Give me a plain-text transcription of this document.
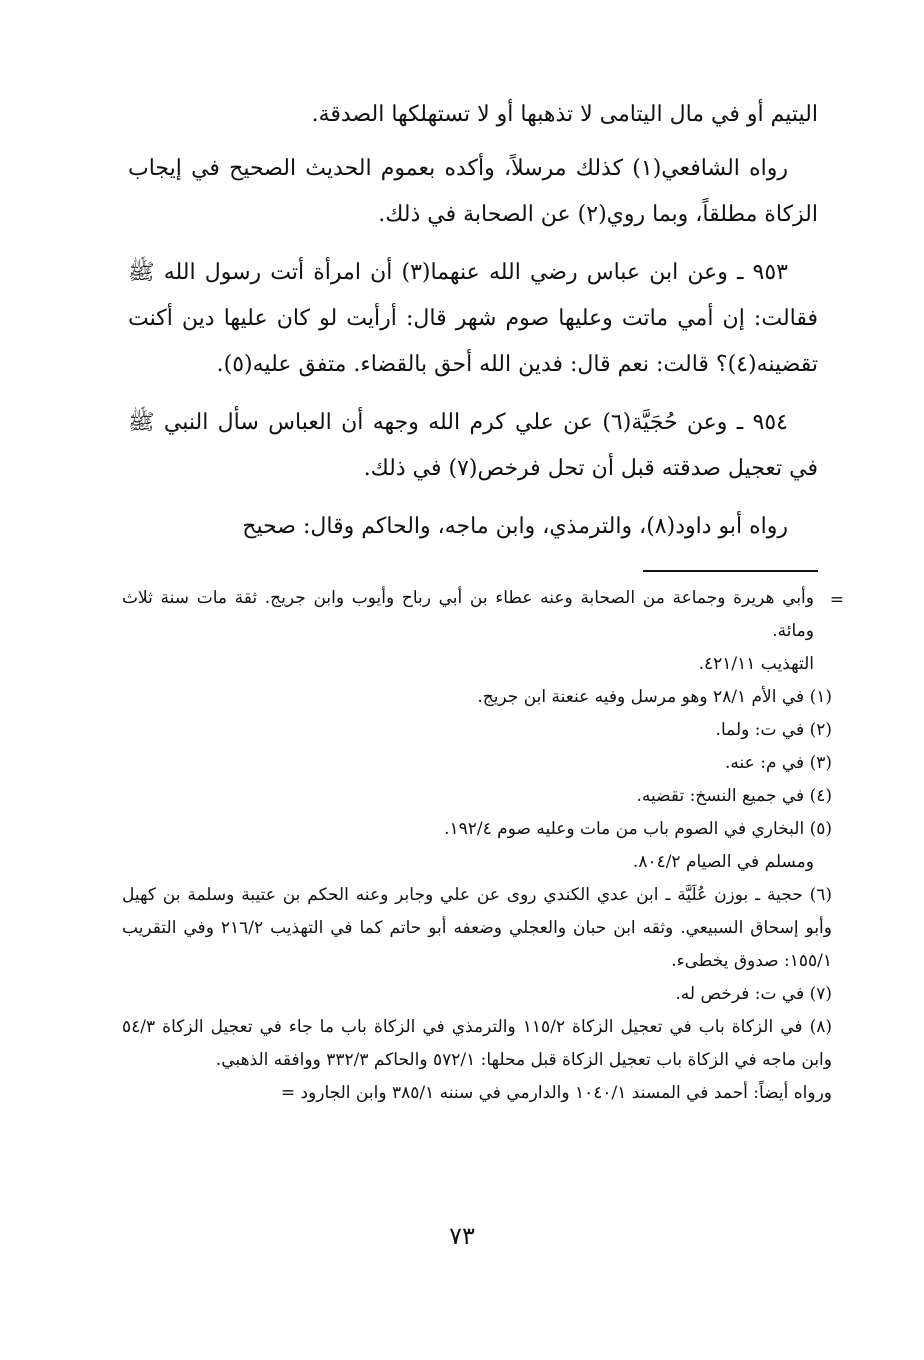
اليتيم أو في مال اليتامى لا تذهبها أو لا تستهلكها الصدقة.

رواه الشافعي(١) كذلك مرسلاً، وأكده بعموم الحديث الصحيح في إيجاب الزكاة مطلقاً، وبما روي(٢) عن الصحابة في ذلك.

٩٥٣ ـ وعن ابن عباس رضي الله عنهما(٣) أن امرأة أتت رسول الله ﷺ فقالت: إن أمي ماتت وعليها صوم شهر قال: أرأيت لو كان عليها دين أكنت تقضينه(٤)؟ قالت: نعم قال: فدين الله أحق بالقضاء. متفق عليه(٥).

٩٥٤ ـ وعن حُجَيَّة(٦) عن علي كرم الله وجهه أن العباس سأل النبي ﷺ في تعجيل صدقته قبل أن تحل فرخص(٧) في ذلك.

رواه أبو داود(٨)، والترمذي، وابن ماجه، والحاكم وقال: صحيح

=

وأبي هريرة وجماعة من الصحابة وعنه عطاء بن أبي رباح وأيوب وابن جريج. ثقة مات سنة ثلاث ومائة.

التهذيب ٤٢١/١١.

(١) في الأم ٢٨/١ وهو مرسل وفيه عنعنة ابن جريج.

(٢) في ت: ولما.

(٣) في م: عنه.

(٤) في جميع النسخ: تقضيه.

(٥) البخاري في الصوم باب من مات وعليه صوم ١٩٢/٤.

ومسلم في الصيام ٨٠٤/٢.

(٦) حجية ـ بوزن عُلَيَّة ـ ابن عدي الكندي روى عن علي وجابر وعنه الحكم بن عتيبة وسلمة بن كهيل وأبو إسحاق السبيعي. وثقه ابن حبان والعجلي وضعفه أبو حاتم كما في التهذيب ٢١٦/٢ وفي التقريب ١٥٥/١: صدوق يخطىء.

(٧) في ت: فرخص له.

(٨) في الزكاة باب في تعجيل الزكاة ١١٥/٢ والترمذي في الزكاة باب ما جاء في تعجيل الزكاة ٥٤/٣ وابن ماجه في الزكاة باب تعجيل الزكاة قبل محلها: ٥٧٢/١ والحاكم ٣٣٢/٣ ووافقه الذهبي.

ورواه أيضاً: أحمد في المسند ١٠٤٠/١ والدارمي في سننه ٣٨٥/١ وابن الجارود =

٧٣
